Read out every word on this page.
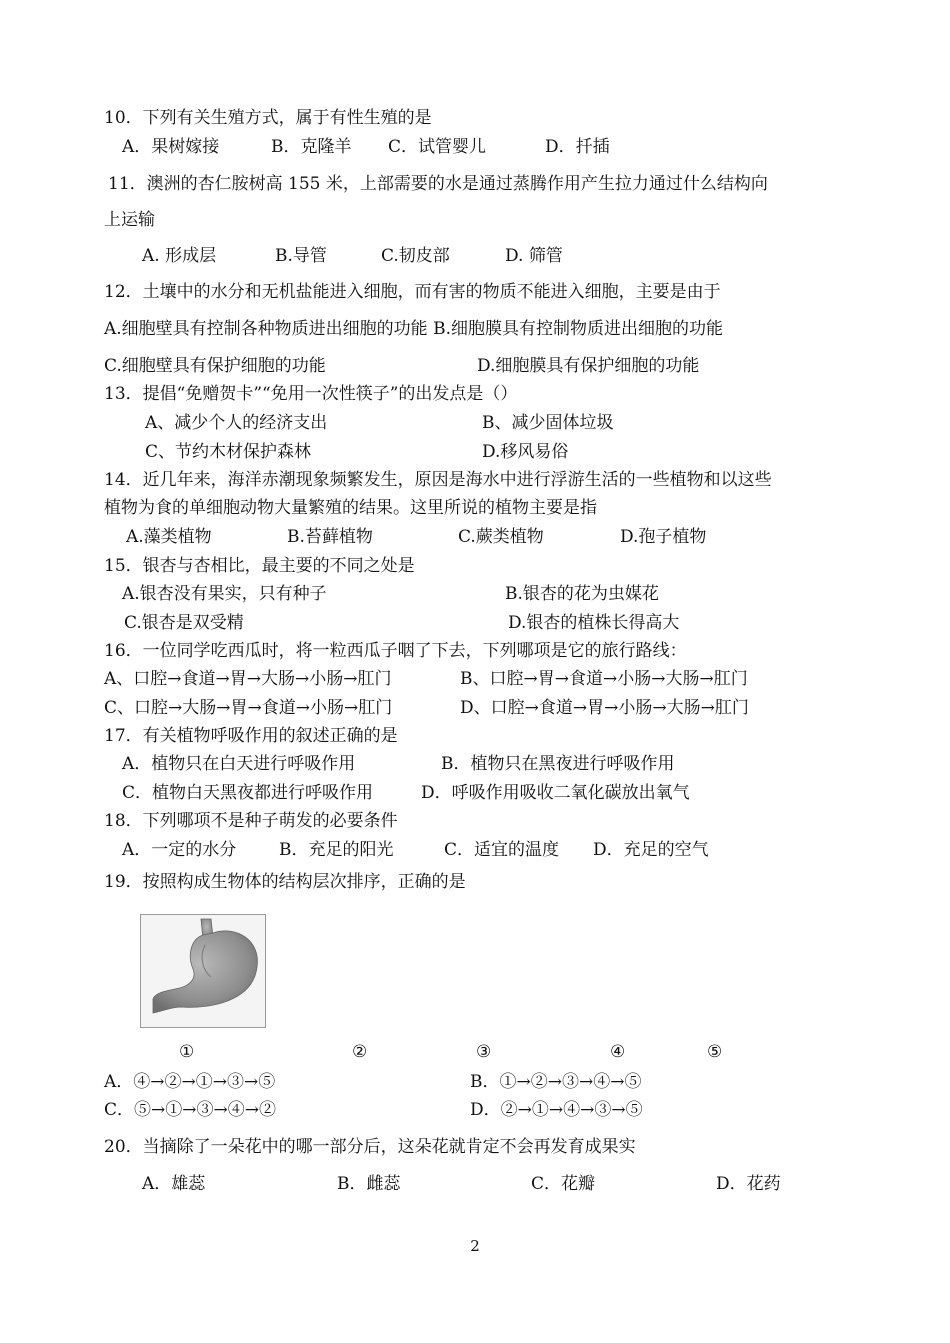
10．下列有关生殖方式，属于有性生殖的是
A．果树嫁接	B．克隆羊 C．试管婴儿	D．扦插
11．澳洲的杏仁胺树高 155 米，上部需要的水是通过蒸腾作用产生拉力通过什么结构向
上运输
A. 形成层	B.导管	C.韧皮部	D. 筛管
12．土壤中的水分和无机盐能进入细胞，而有害的物质不能进入细胞，主要是由于
A.细胞壁具有控制各种物质进出细胞的功能 B.细胞膜具有控制物质进出细胞的功能
C.细胞壁具有保护细胞的功能	D.细胞膜具有保护细胞的功能
13．提倡“免赠贺卡”“免用一次性筷子”的出发点是（）
A、减少个人的经济支出	B、减少固体垃圾
C、节约木材保护森林	D.移风易俗
14．近几年来，海洋赤潮现象频繁发生，原因是海水中进行浮游生活的一些植物和以这些
植物为食的单细胞动物大量繁殖的结果。这里所说的植物主要是指
A.藻类植物	B.苔藓植物	C.蕨类植物	D.孢子植物
15．银杏与杏相比，最主要的不同之处是
A.银杏没有果实，只有种子	B.银杏的花为虫媒花
C.银杏是双受精	D.银杏的植株长得高大
16．一位同学吃西瓜时，将一粒西瓜子咽了下去，下列哪项是它的旅行路线：
A、口腔→食道→胃→大肠→小肠→肛门	B、口腔→胃→食道→小肠→大肠→肛门
C、口腔→大肠→胃→食道→小肠→肛门	D、口腔→食道→胃→小肠→大肠→肛门
17．有关植物呼吸作用的叙述正确的是
A．植物只在白天进行呼吸作用	B．植物只在黑夜进行呼吸作用
C．植物白天黑夜都进行呼吸作用	D．呼吸作用吸收二氧化碳放出氧气
18．下列哪项不是种子萌发的必要条件
A．一定的水分	B．充足的阳光	C．适宜的温度 D．充足的空气
19．按照构成生物体的结构层次排序，正确的是
①	②	③	④	⑤
A．④→②→①→③→⑤	B．①→②→③→④→⑤
C．⑤→①→③→④→②	D．②→①→④→③→⑤
20．当摘除了一朵花中的哪一部分后，这朵花就肯定不会再发育成果实
A．雄蕊	B．雌蕊	C．花瓣	D．花药
2
